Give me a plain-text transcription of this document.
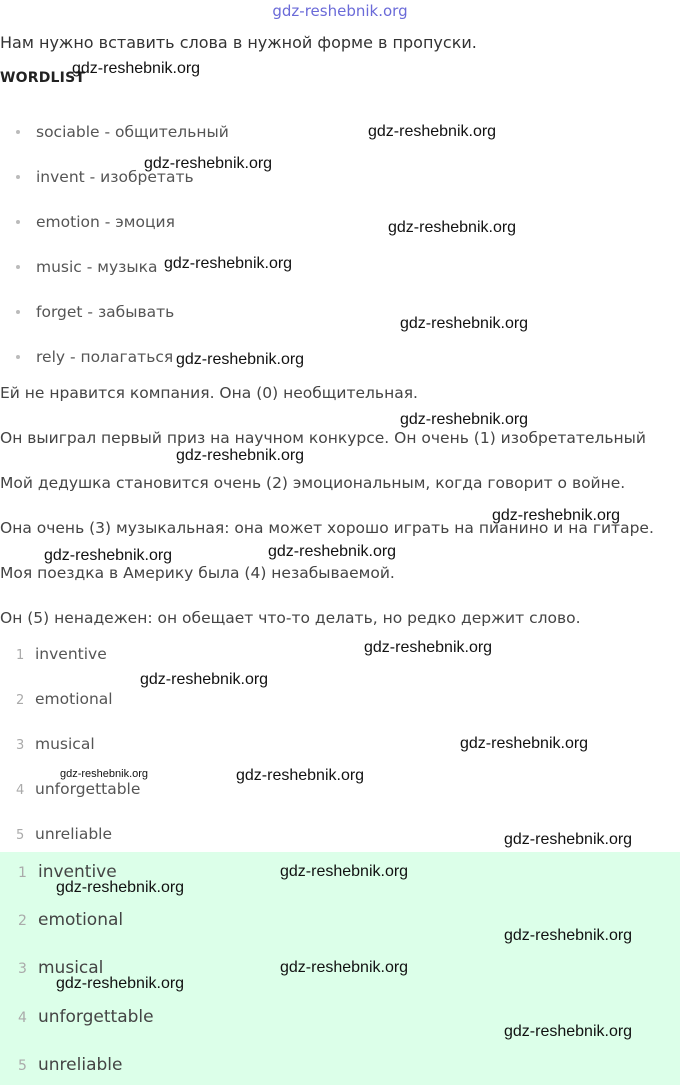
gdz-reshebnik.org
Нам нужно вставить слова в нужной форме в пропуски.
WORDLIST
sociable - общительный
invent - изобретать
emotion - эмоция
music - музыка
forget - забывать
rely - полагаться
Ей не нравится компания. Она (0) необщительная.
Он выиграл первый приз на научном конкурсе. Он очень (1) изобретательный
Мой дедушка становится очень (2) эмоциональным, когда говорит о войне.
Она очень (3) музыкальная: она может хорошо играть на пианино и на гитаре.
Моя поездка в Америку была (4) незабываемой.
Он (5) ненадежен: он обещает что-то делать, но редко держит слово.
1 inventive
2 emotional
3 musical
4 unforgettable
5 unreliable
1 inventive
2 emotional
3 musical
4 unforgettable
5 unreliable
gdz-reshebnik.org
gdz-reshebnik.org
gdz-reshebnik.org
gdz-reshebnik.org
gdz-reshebnik.org
gdz-reshebnik.org
gdz-reshebnik.org
gdz-reshebnik.org
gdz-reshebnik.org
gdz-reshebnik.org
gdz-reshebnik.org	gdz-reshebnik.org
gdz-reshebnik.org
gdz-reshebnik.org
gdz-reshebnik.org
gdz-reshebnik.org	gdz-reshebnik.org
gdz-reshebnik.org
gdz-reshebnik.org
gdz-reshebnik.org
gdz-reshebnik.org
gdz-reshebnik.org
gdz-reshebnik.org
gdz-reshebnik.org
